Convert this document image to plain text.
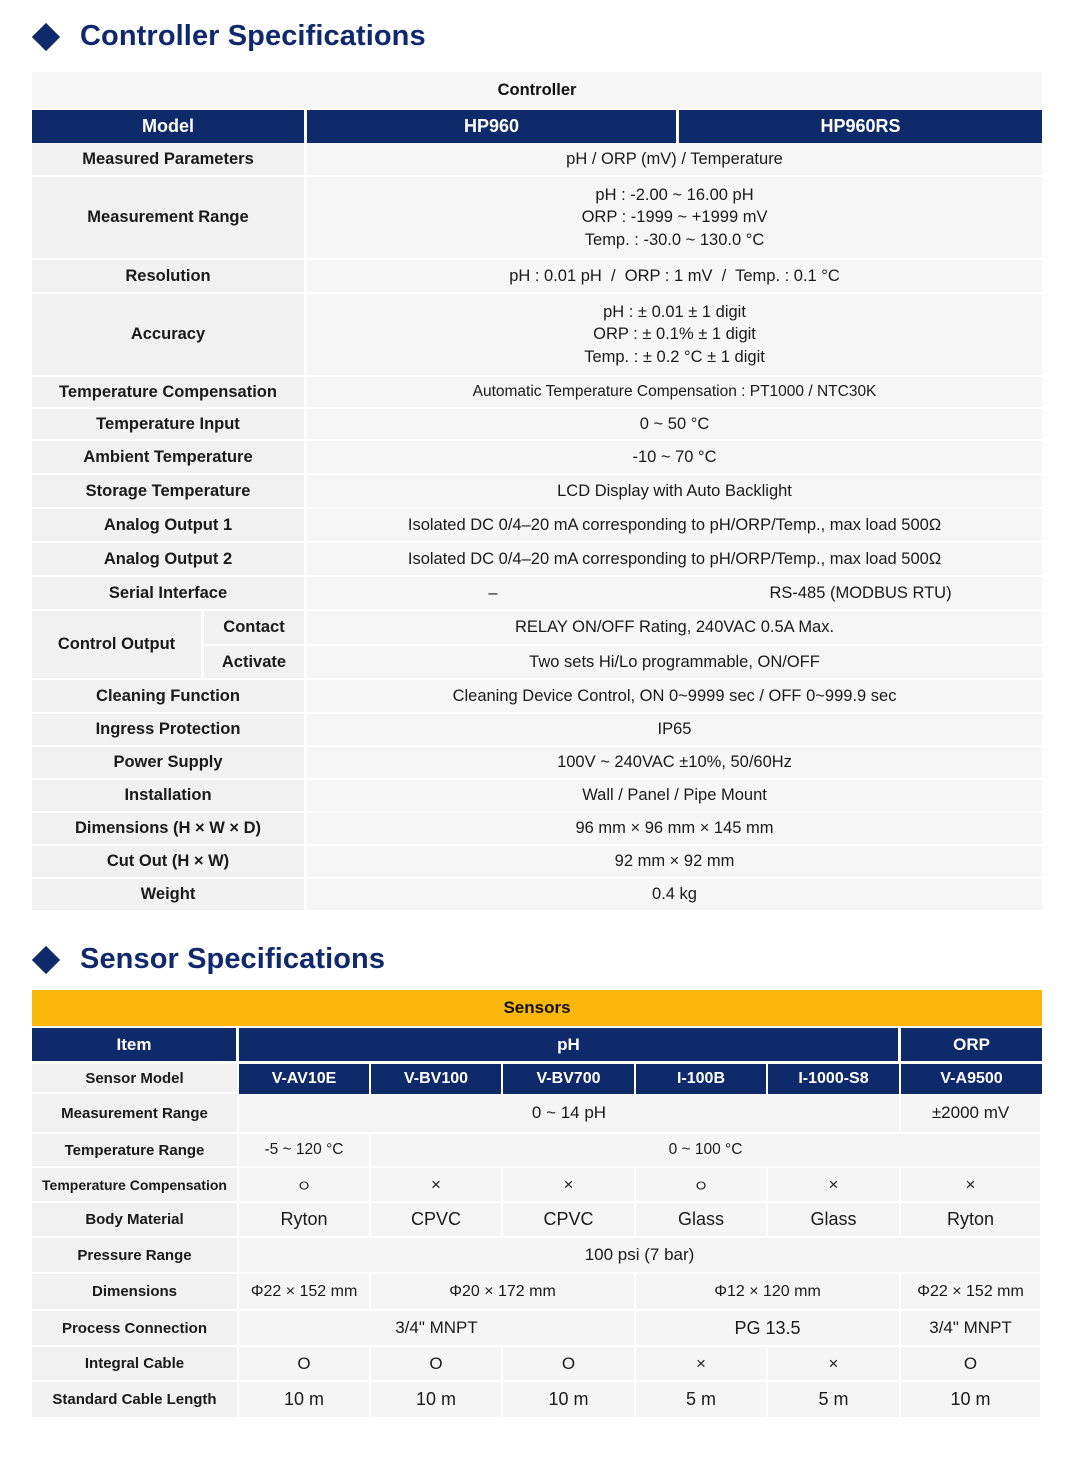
Controller Specifications
Controller			
Model		HP960	HP960RS
Measured Parameters		pH / ORP (mV) / Temperature	
Measurement Range		pH : -2.00 ~ 16.00 pH
ORP : -1999 ~ +1999 mV
Temp. : -30.0 ~ 130.0 °C	

Resolution		pH : 0.01 pH  /  ORP : 1 mV  /  Temp. : 0.1 °C	
Accuracy		pH : ± 0.01 ± 1 digit
ORP : ± 0.1% ± 1 digit
Temp. : ± 0.2 °C ± 1 digit	

Temperature Compensation		Automatic Temperature Compensation : PT1000 / NTC30K	
Temperature Input		0 ~ 50 °C	
Ambient Temperature		-10 ~ 70 °C	
Storage Temperature		LCD Display with Auto Backlight	
Analog Output 1		Isolated DC 0/4–20 mA corresponding to pH/ORP/Temp., max load 500Ω	
Analog Output 2		Isolated DC 0/4–20 mA corresponding to pH/ORP/Temp., max load 500Ω	
Serial Interface		–	RS-485 (MODBUS RTU)
Control Output	Contact	RELAY ON/OFF Rating, 240VAC 0.5A Max.	
	Activate	Two sets Hi/Lo programmable, ON/OFF	
Cleaning Function		Cleaning Device Control, ON 0~9999 sec / OFF 0~999.9 sec	
Ingress Protection		IP65	
Power Supply		100V ~ 240VAC ±10%, 50/60Hz	
Installation		Wall / Panel / Pipe Mount	
Dimensions (H × W × D)		96 mm × 96 mm × 145 mm	
Cut Out (H × W)		92 mm × 92 mm	
Weight		0.4 kg	
Sensor Specifications
Sensors						
Item	pH					ORP
Sensor Model	V-AV10E	V-BV100	V-BV700	I-100B	I-1000-S8	V-A9500
Measurement Range	0 ~ 14 pH					±2000 mV
Temperature Range	-5 ~ 120 °C	0 ~ 100 °C				
Temperature Compensation	ㅇ	×	×	ㅇ	×	×
Body Material	Ryton	CPVC	CPVC	Glass	Glass	Ryton
Pressure Range	100 psi (7 bar)					
Dimensions	Φ22 × 152 mm	Φ20 × 172 mm		Φ12 × 120 mm		Φ22 × 152 mm
Process Connection	3/4" MNPT			PG 13.5		3/4" MNPT
Integral Cable	O	O	O	×	×	O
Standard Cable Length	10 m	10 m	10 m	5 m	5 m	10 m
